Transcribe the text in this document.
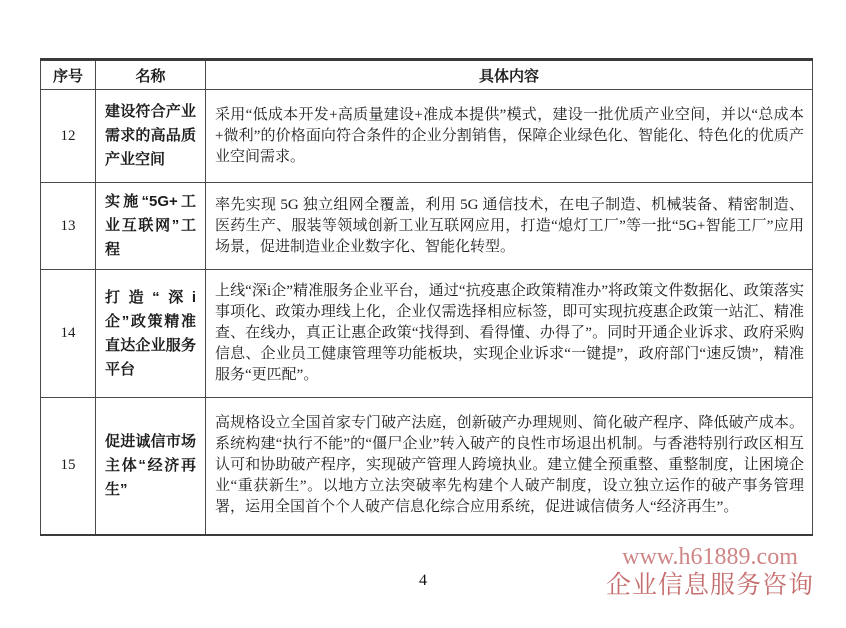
序号	名称	具体内容
12	建设符合产业需求的高品质产业空间	采用“低成本开发+高质量建设+准成本提供”模式，建设一批优质产业空间，并以“总成本+微利”的价格面向符合条件的企业分割销售，保障企业绿色化、智能化、特色化的优质产业空间需求。
13	实施“5G+工业互联网”工程	率先实现 5G 独立组网全覆盖，利用 5G 通信技术，在电子制造、机械装备、精密制造、医药生产、服装等领域创新工业互联网应用，打造“熄灯工厂”等一批“5G+智能工厂”应用场景，促进制造业企业数字化、智能化转型。
14	打造“深i企”政策精准直达企业服务平台	上线“深i企”精准服务企业平台，通过“抗疫惠企政策精准办”将政策文件数据化、政策落实事项化、政策办理线上化，企业仅需选择相应标签，即可实现抗疫惠企政策一站汇、精准查、在线办，真正让惠企政策“找得到、看得懂、办得了”。同时开通企业诉求、政府采购信息、企业员工健康管理等功能板块，实现企业诉求“一键提”，政府部门“速反馈”，精准服务“更匹配”。
15	促进诚信市场主体“经济再生”	高规格设立全国首家专门破产法庭，创新破产办理规则、简化破产程序、降低破产成本。系统构建“执行不能”的“僵尸企业”转入破产的良性市场退出机制。与香港特别行政区相互认可和协助破产程序，实现破产管理人跨境执业。建立健全预重整、重整制度，让困境企业“重获新生”。以地方立法突破率先构建个人破产制度，设立独立运作的破产事务管理署，运用全国首个个人破产信息化综合应用系统，促进诚信债务人“经济再生”。
4
www.h61889.com
企业信息服务咨询
